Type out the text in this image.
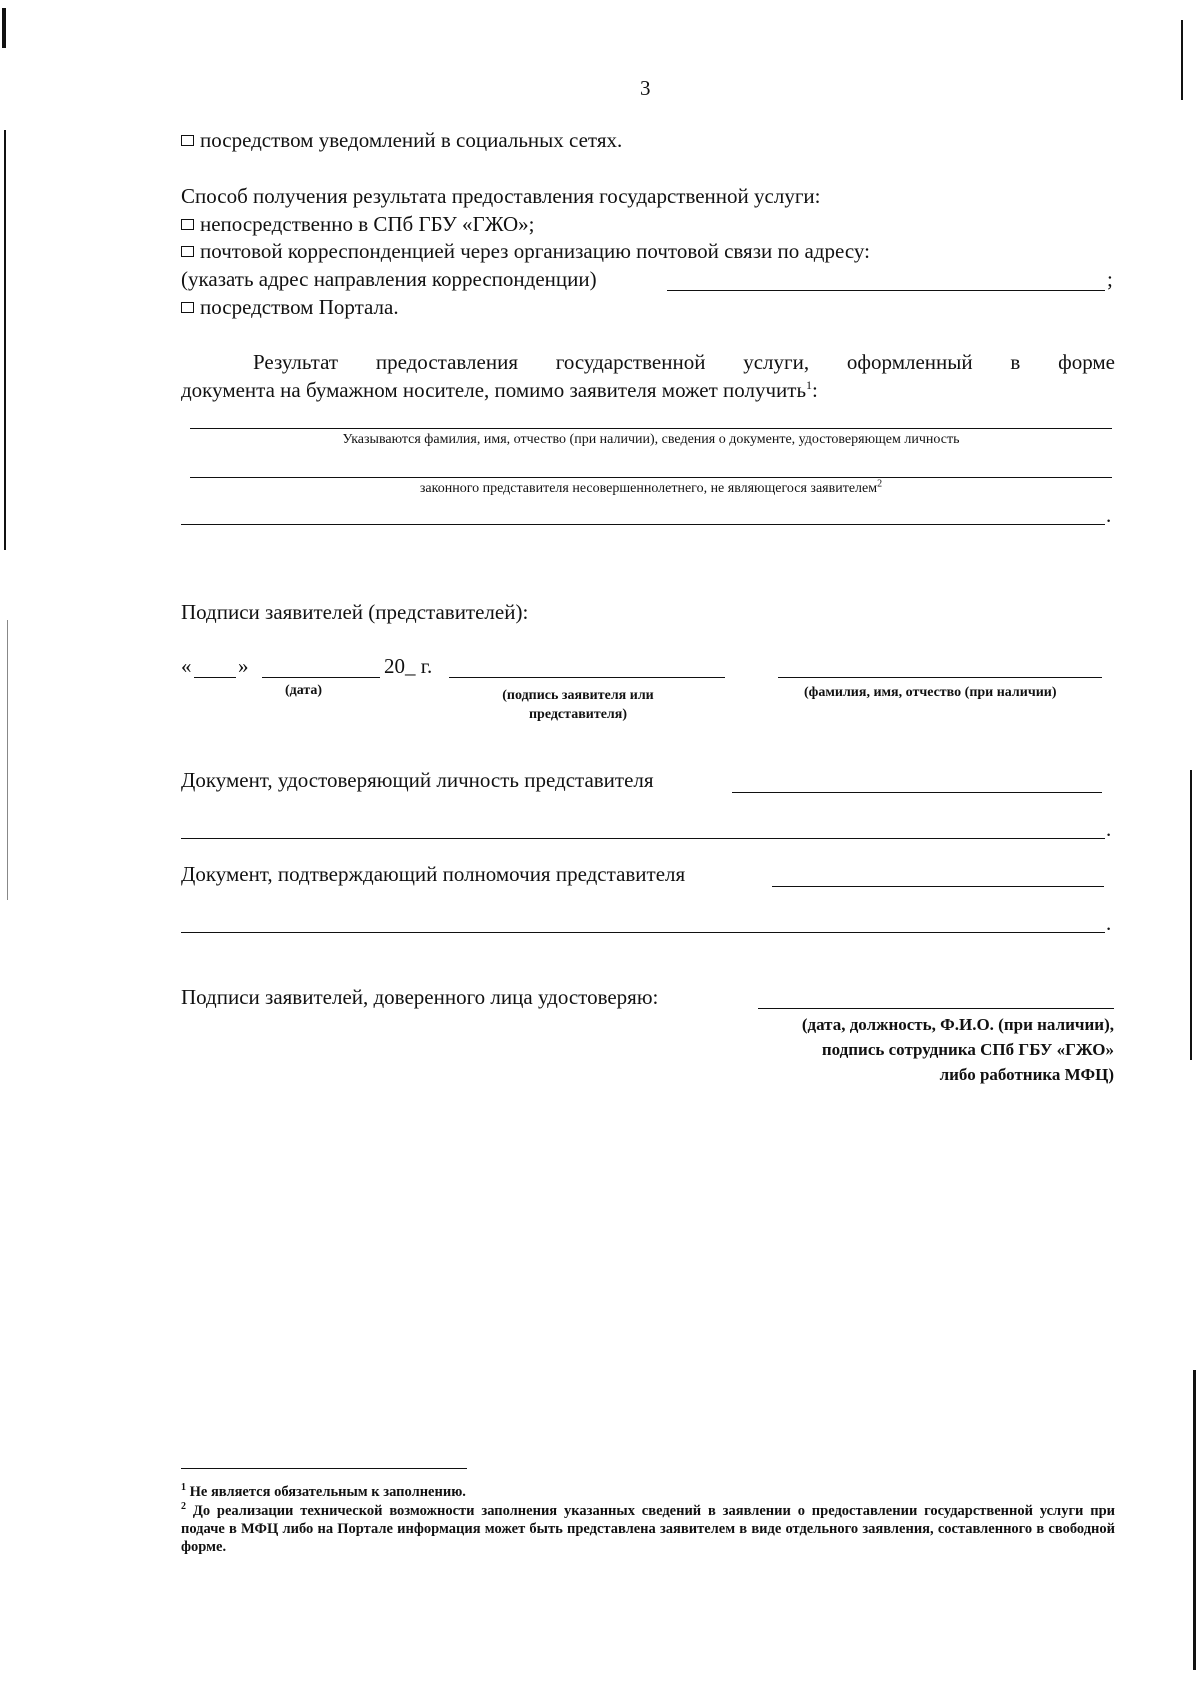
3
посредством уведомлений в социальных сетях.
Способ получения результата предоставления государственной услуги:
непосредственно в СПб ГБУ «ГЖО»;
почтовой корреспонденцией через организацию почтовой связи по адресу:
(указать адрес направления корреспонденции)	;
посредством Портала.
Результат предоставления государственной услуги, оформленный в форме
документа на бумажном носителе, помимо заявителя может получить$^1$:
Указываются фамилия, имя, отчество (при наличии), сведения о документе, удостоверяющем личность
законного представителя несовершеннолетнего, не являющегося заявителем$^2$
.
Подписи заявителей (представителей):
« »	20_ г.
(дата)	(подпись заявителя или
представителя)
(фамилия, имя, отчество (при наличии)
Документ, удостоверяющий личность представителя
.
Документ, подтверждающий полномочия представителя
.
Подписи заявителей, доверенного лица удостоверяю:
(дата, должность, Ф.И.О. (при наличии),
подпись сотрудника СПб ГБУ «ГЖО»
либо работника МФЦ)
$^1$ Не является обязательным к заполнению.
$^2$ До реализации технической возможности заполнения указанных сведений в заявлении о предоставлении государственной услуги при подаче в МФЦ либо на Портале информация может быть представлена заявителем в виде отдельного заявления, составленного в свободной форме.
